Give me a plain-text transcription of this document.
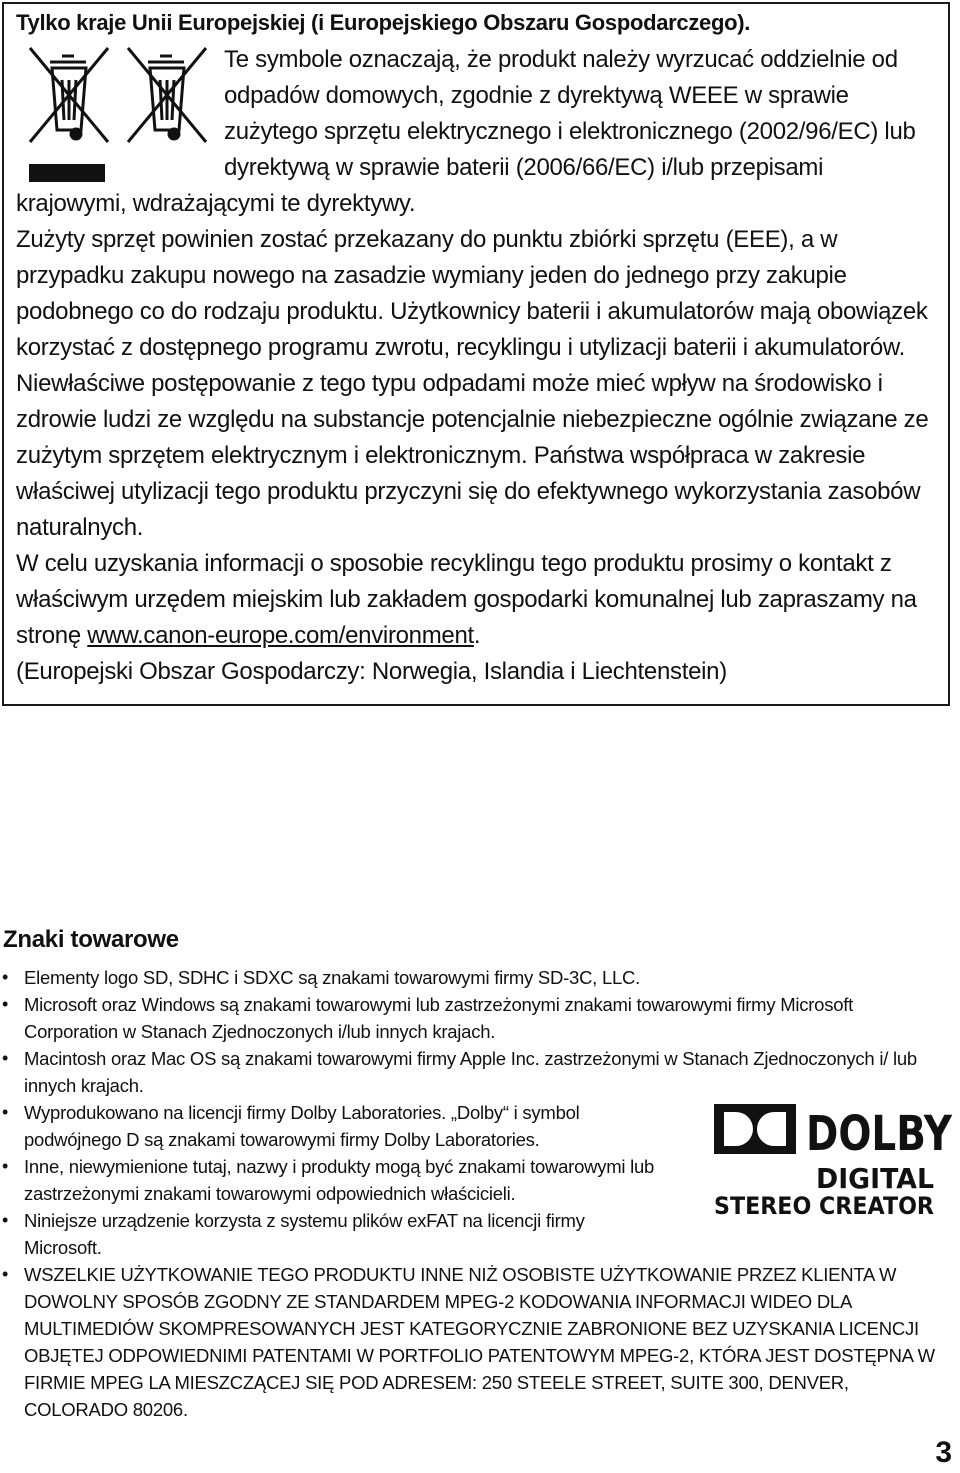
Tylko kraje Unii Europejskiej (i Europejskiego Obszaru Gospodarczego).
Te symbole oznaczają, że produkt należy wyrzucać oddzielnie od
odpadów domowych, zgodnie z dyrektywą WEEE w sprawie
zużytego sprzętu elektrycznego i elektronicznego (2002/96/EC) lub
dyrektywą w sprawie baterii (2006/66/EC) i/lub przepisami

krajowymi, wdrażającymi te dyrektywy.

Zużyty sprzęt powinien zostać przekazany do punktu zbiórki sprzętu (EEE), a w przypadku zakupu nowego na zasadzie wymiany jeden do jednego przy zakupie podobnego co do rodzaju produktu. Użytkownicy baterii i akumulatorów mają obowiązek korzystać z dostępnego programu zwrotu, recyklingu i utylizacji baterii i akumulatorów. Niewłaściwe postępowanie z tego typu odpadami może mieć wpływ na środowisko i zdrowie ludzi ze względu na substancje potencjalnie niebezpieczne ogólnie związane ze zużytym sprzętem elektrycznym i elektronicznym. Państwa współpraca w zakresie właściwej utylizacji tego produktu przyczyni się do efektywnego wykorzystania zasobów naturalnych.

W celu uzyskania informacji o sposobie recyklingu tego produktu prosimy o kontakt z właściwym urzędem miejskim lub zakładem gospodarki komunalnej lub zapraszamy na stronę www.canon-europe.com/environment.

(Europejski Obszar Gospodarczy: Norwegia, Islandia i Liechtenstein)

Znaki towarowe
• Elementy logo SD, SDHC i SDXC są znakami towarowymi firmy SD-3C, LLC.
• Microsoft oraz Windows są znakami towarowymi lub zastrzeżonymi znakami towarowymi firmy Microsoft Corporation w Stanach Zjednoczonych i/lub innych krajach.
• Macintosh oraz Mac OS są znakami towarowymi firmy Apple Inc. zastrzeżonymi w Stanach Zjednoczonych i/ lub innych krajach.
• Wyprodukowano na licencji firmy Dolby Laboratories. „Dolby“ i symbol podwójnego D są znakami towarowymi firmy Dolby Laboratories.
• Inne, niewymienione tutaj, nazwy i produkty mogą być znakami towarowymi lub zastrzeżonymi znakami towarowymi odpowiednich właścicieli.
• Niniejsze urządzenie korzysta z systemu plików exFAT na licencji firmy Microsoft.
• WSZELKIE UŻYTKOWANIE TEGO PRODUKTU INNE NIŻ OSOBISTE UŻYTKOWANIE PRZEZ KLIENTA W DOWOLNY SPOSÓB ZGODNY ZE STANDARDEM MPEG-2 KODOWANIA INFORMACJI WIDEO DLA MULTIMEDIÓW SKOMPRESOWANYCH JEST KATEGORYCZNIE ZABRONIONE BEZ UZYSKANIA LICENCJI OBJĘTEJ ODPOWIEDNIMI PATENTAMI W PORTFOLIO PATENTOWYM MPEG-2, KTÓRA JEST DOSTĘPNA W FIRMIE MPEG LA MIESZCZĄCEJ SIĘ POD ADRESEM: 250 STEELE STREET, SUITE 300, DENVER, COLORADO 80206.
DOLBY
DIGITAL
STEREO CREATOR
3
